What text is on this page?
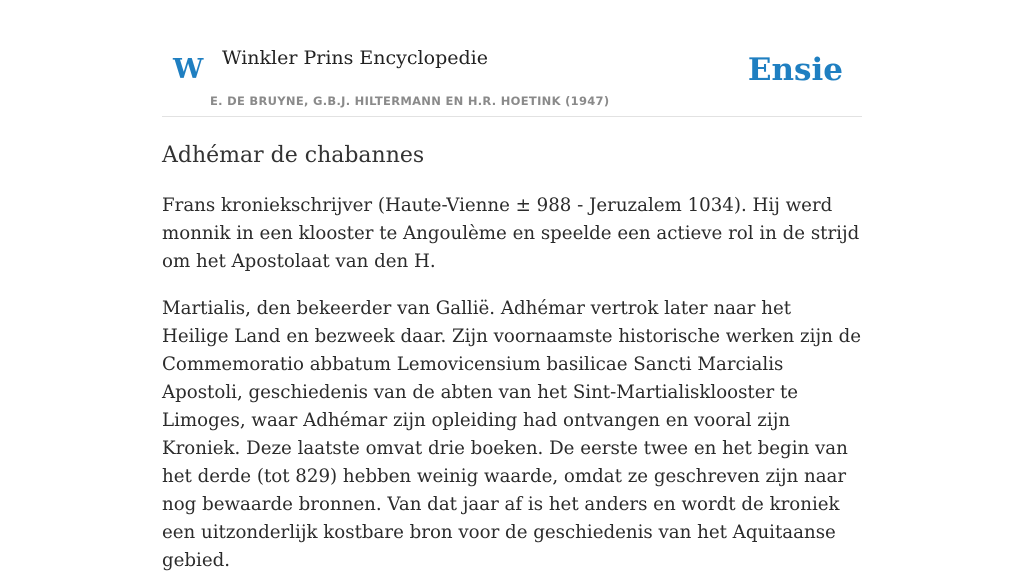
W Winkler Prins Encyclopedie
E. DE BRUYNE, G.B.J. HILTERMANN EN H.R. HOETINK (1947)
Ensie
Adhémar de chabannes

Frans kroniekschrijver (Haute-Vienne ± 988 - Jeruzalem 1034). Hij werd monnik in een klooster te Angoulème en speelde een actieve rol in de strijd om het Apostolaat van den H.

Martialis, den bekeerder van Gallië. Adhémar vertrok later naar het Heilige Land en bezweek daar. Zijn voornaamste historische werken zijn de Commemoratio abbatum Lemovicensium basilicae Sancti Marcialis Apostoli, geschiedenis van de abten van het Sint-Martialisklooster te Limoges, waar Adhémar zijn opleiding had ontvangen en vooral zijn Kroniek. Deze laatste omvat drie boeken. De eerste twee en het begin van het derde (tot 829) hebben weinig waarde, omdat ze geschreven zijn naar nog bewaarde bronnen. Van dat jaar af is het anders en wordt de kroniek een uitzonderlijk kostbare bron voor de geschiedenis van het Aquitaanse gebied.
